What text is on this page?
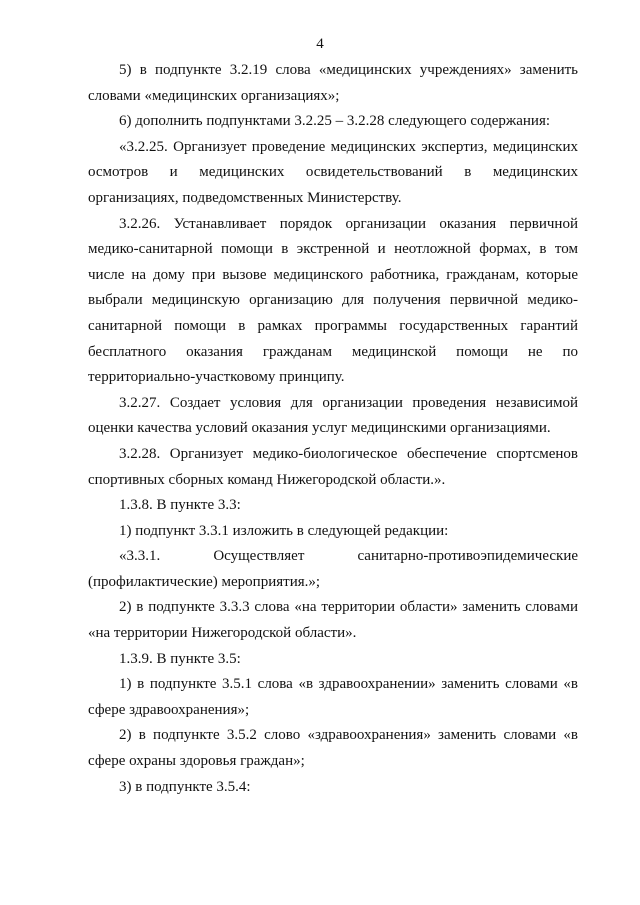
4

5) в подпункте 3.2.19 слова «медицинских учреждениях» заменить словами «медицинских организациях»;

6) дополнить подпунктами 3.2.25 – 3.2.28 следующего содержания:

«3.2.25. Организует проведение медицинских экспертиз, медицинских осмотров и медицинских освидетельствований в медицинских организациях, подведомственных Министерству.

3.2.26. Устанавливает порядок организации оказания первичной медико-санитарной помощи в экстренной и неотложной формах, в том числе на дому при вызове медицинского работника, гражданам, которые выбрали медицинскую организацию для получения первичной медико-санитарной помощи в рамках программы государственных гарантий бесплатного оказания гражданам медицинской помощи не по территориально-участковому принципу.

3.2.27. Создает условия для организации проведения независимой оценки качества условий оказания услуг медицинскими организациями.

3.2.28. Организует медико-биологическое обеспечение спортсменов спортивных сборных команд Нижегородской области.».

1.3.8. В пункте 3.3:

1) подпункт 3.3.1 изложить в следующей редакции:

«3.3.1. Осуществляет санитарно-противоэпидемические (профилактические) мероприятия.»;

2) в подпункте 3.3.3 слова «на территории области» заменить словами «на территории Нижегородской области».

1.3.9. В пункте 3.5:

1) в подпункте 3.5.1 слова «в здравоохранении» заменить словами «в сфере здравоохранения»;

2) в подпункте 3.5.2 слово «здравоохранения» заменить словами «в сфере охраны здоровья граждан»;

3) в подпункте 3.5.4:
